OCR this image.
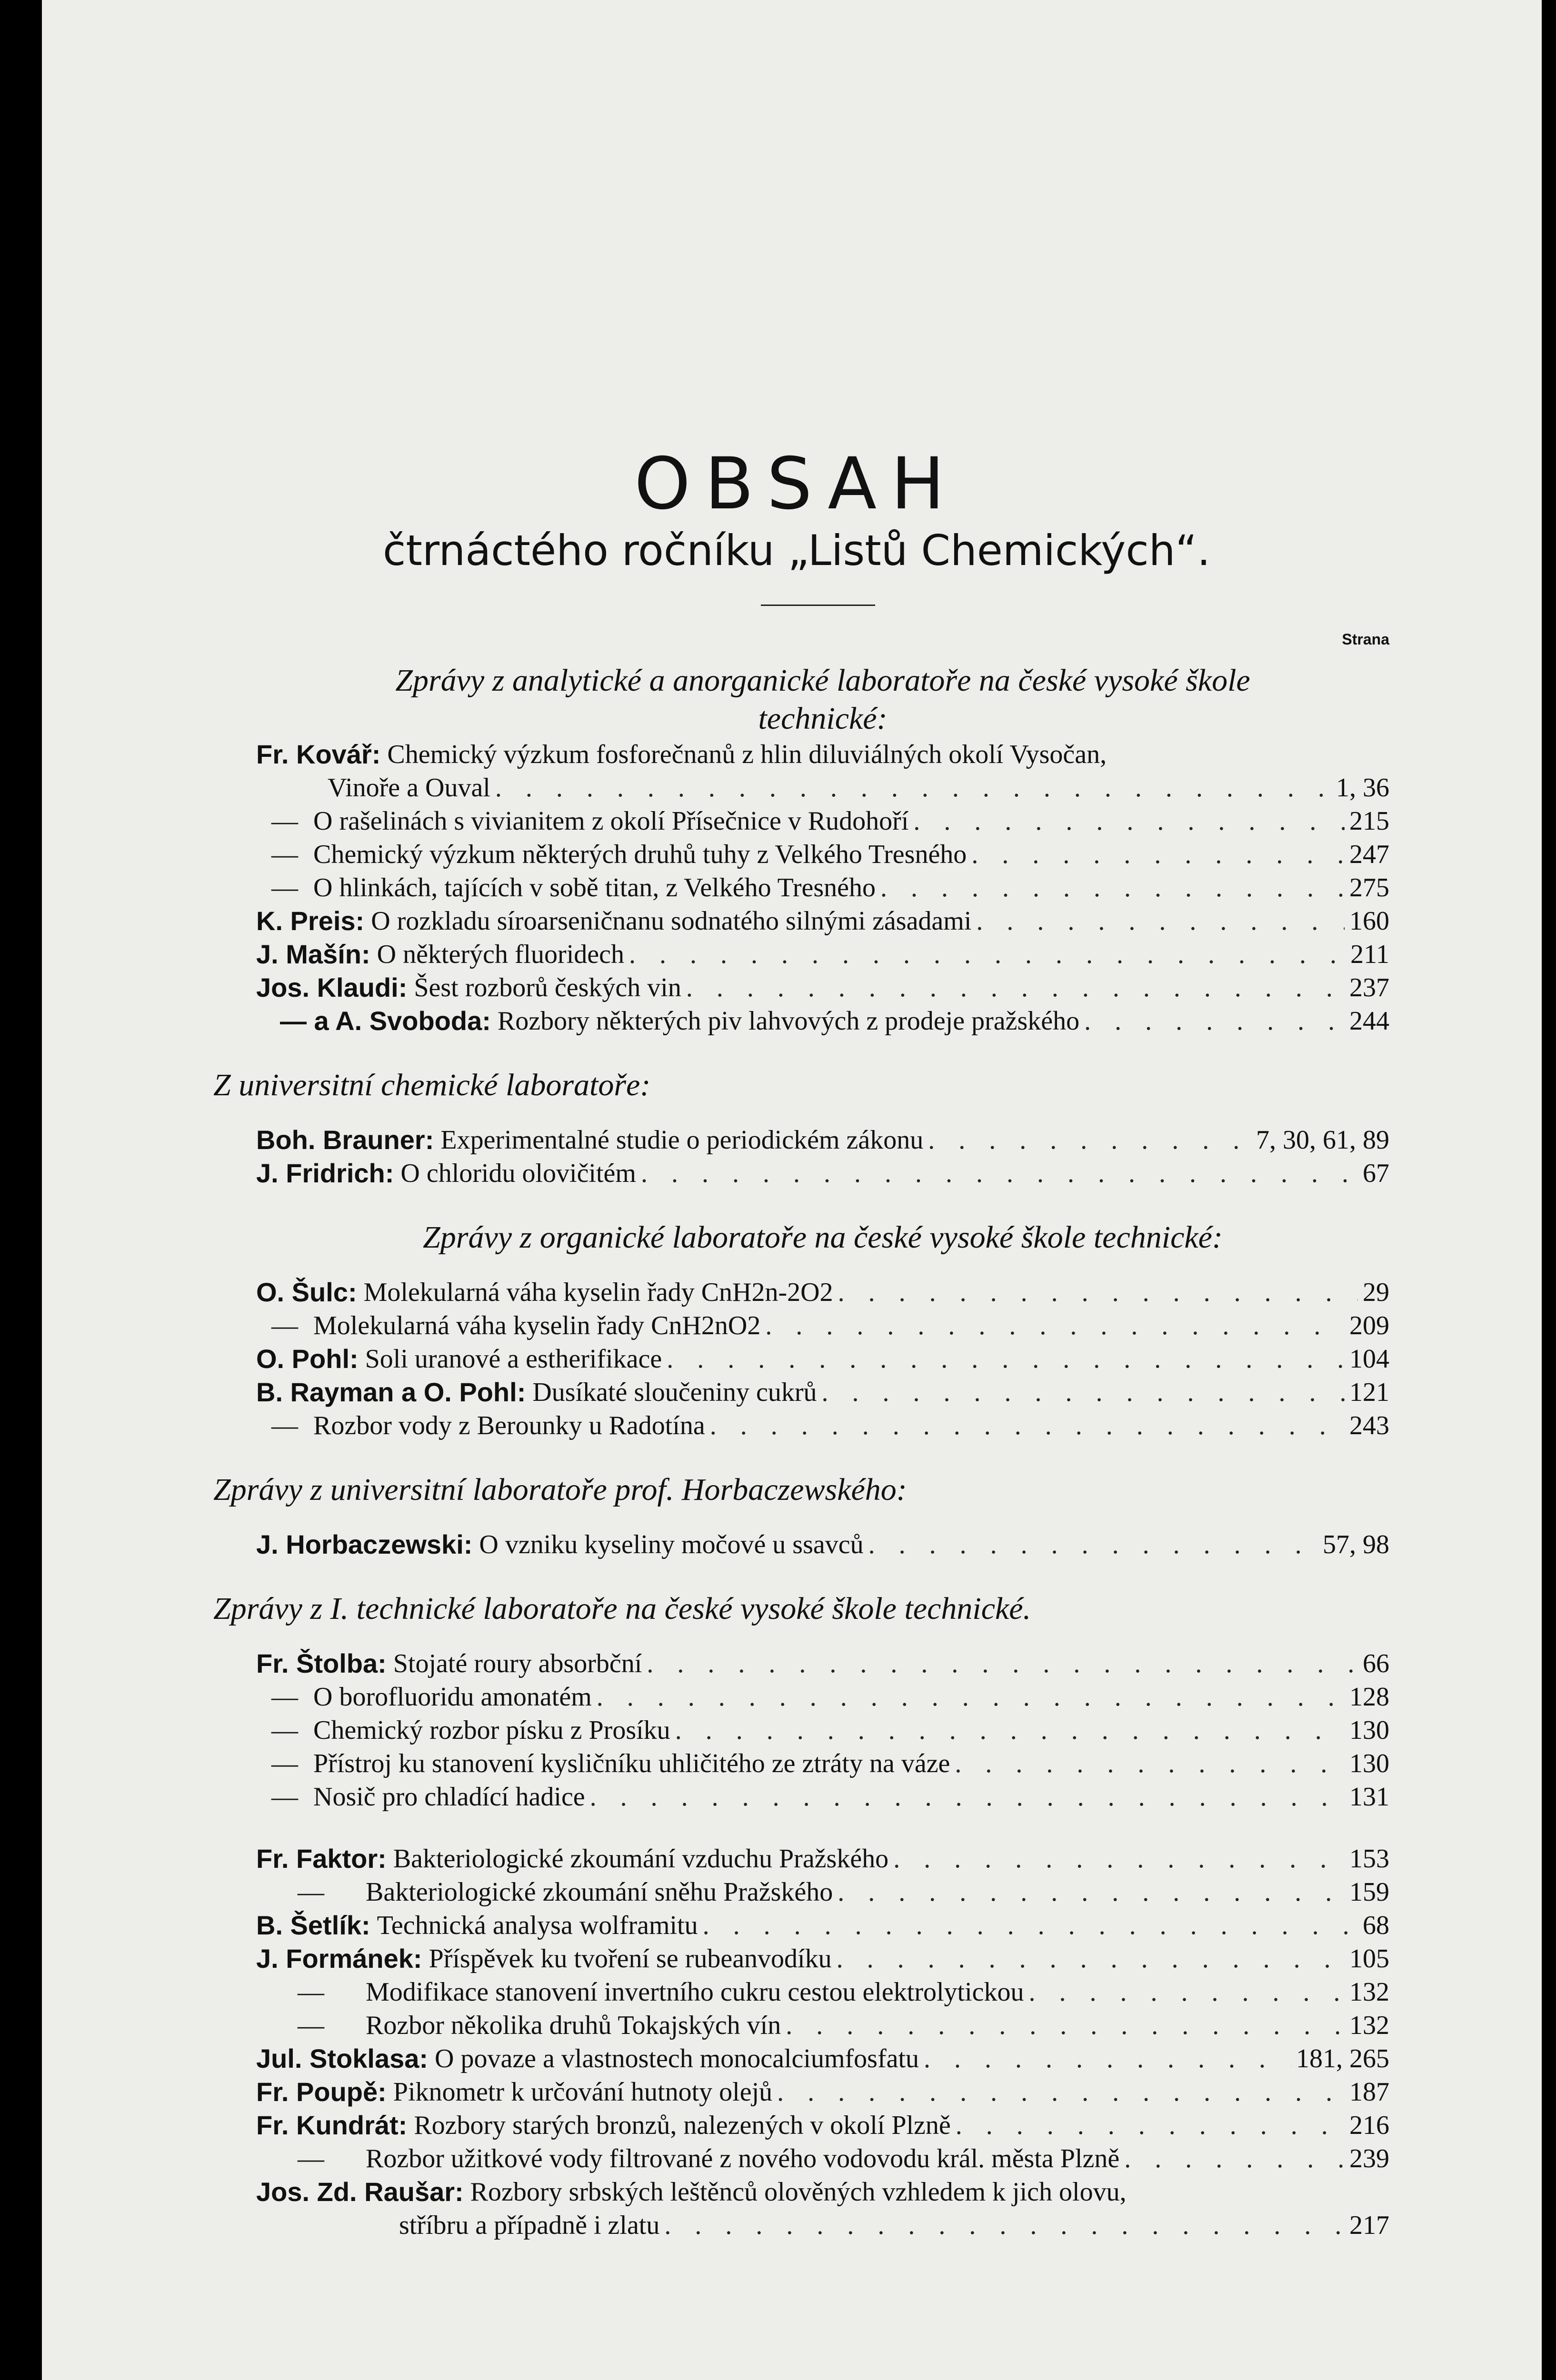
OBSAH
čtrnáctého ročníku „Listů Chemických“.
Strana
Zprávy z analytické a anorganické laboratoře na české vysoké škole
technické:
Fr. Kovář:
Chemický výzkum fosforečnanů z hlin diluviálných okolí Vysočan,
Vinoře a Ouval . . .	1, 36
— O rašelinách s vivianitem z okolí Přísečnice v Rudohoří . . .	215
— Chemický výzkum některých druhů tuhy z Velkého Tresného . . .	247
— O hlinkách, tajících v sobě titan, z Velkého Tresného . . .	275
K. Preis:
O rozkladu síroarseničnanu sodnatého silnými zásadami . . .	160
J. Mašín:
O některých fluoridech . . .	211
Jos. Klaudi:
Šest rozborů českých vin . . .	237
— a A. Svoboda:
Rozbory některých piv lahvových z prodeje pražského . . .	244
Z universitní chemické laboratoře:
Boh. Brauner:
Experimentalné studie o periodickém zákonu . . .	7, 30, 61, 89
J. Fridrich:
O chloridu olovičitém . . .	67
Zprávy z organické laboratoře na české vysoké škole technické:
O. Šulc:
Molekularná váha kyselin řady CnH2n-2O2 . . .	29
— Molekularná váha kyselin řady CnH2nO2 . . .	209
O. Pohl:
Soli uranové a estherifikace . . .	104
B. Rayman a O. Pohl:
Dusíkaté sloučeniny cukrů . . .	121
— Rozbor vody z Berounky u Radotína . . .	243
Zprávy z universitní laboratoře prof. Horbaczewského:
J. Horbaczewski:
O vzniku kyseliny močové u ssavců . . .	57, 98
Zprávy z I. technické laboratoře na české vysoké škole technické.
Fr. Štolba:
Stojaté roury absorbční . . .	66
— O borofluoridu amonatém . . .	128
— Chemický rozbor písku z Prosíku . . .	130
— Přístroj ku stanovení kysličníku uhličitého ze ztráty na váze . . .	130
— Nosič pro chladící hadice . . .	131
Fr. Faktor:
Bakteriologické zkoumání vzduchu Pražského . . .	153
—	Bakteriologické zkoumání sněhu Pražského . . .	159
B. Šetlík:
Technická analysa wolframitu . . .	68
J. Formánek:
Příspěvek ku tvoření se rubeanvodíku . . .	105
—	Modifikace stanovení invertního cukru cestou elektrolytickou . . .	132
—	Rozbor několika druhů Tokajských vín . . .	132
Jul. Stoklasa:
O povaze a vlastnostech monocalciumfosfatu . . .	181, 265
Fr. Poupě:
Piknometr k určování hutnoty olejů . . .	187
Fr. Kundrát:
Rozbory starých bronzů, nalezených v okolí Plzně . . .	216
—	Rozbor užitkové vody filtrované z nového vodovodu král. města Plzně . . .	239
Jos. Zd. Raušar:
Rozbory srbských leštěnců olověných vzhledem k jich olovu,
stříbru a případně i zlatu . . .	217
